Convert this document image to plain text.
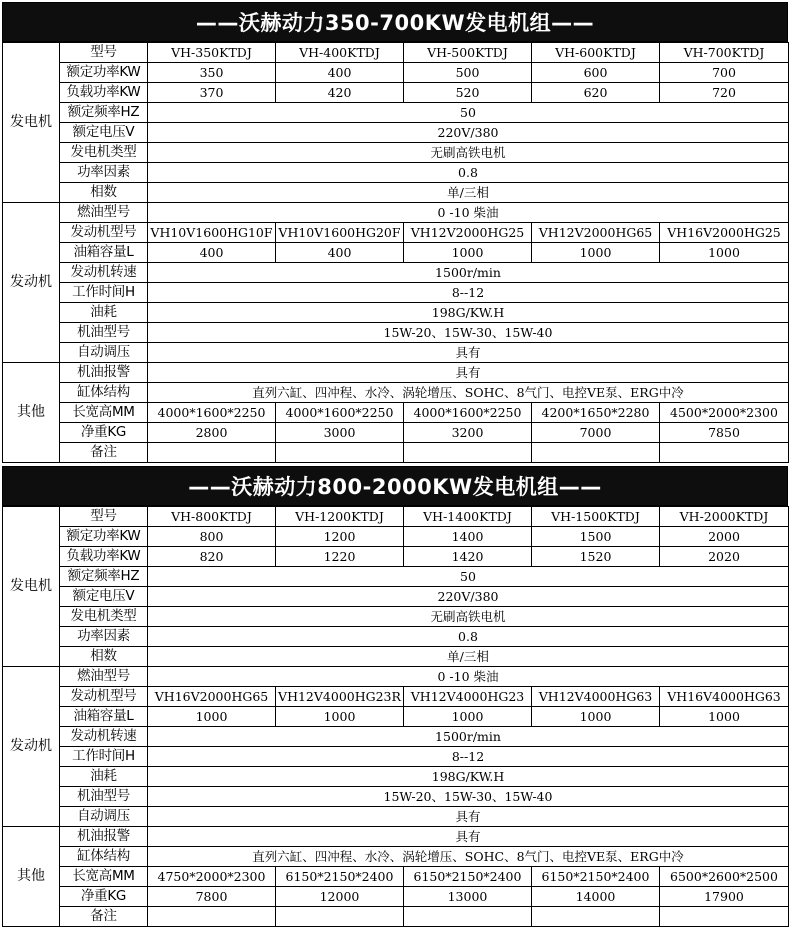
——沃赫动力350-700KW发电机组——
发电机	型号	VH-350KTDJ	VH-400KTDJ	VH-500KTDJ	VH-600KTDJ	VH-700KTDJ
	额定功率KW	350	400	500	600	700
	负载功率KW	370	420	520	620	720
	额定频率HZ	50				
	额定电压V	220V/380				
	发电机类型	无刷高铁电机				
	功率因素	0.8				
	相数	单/三相				
发动机	燃油型号	0 -10 柴油				
	发动机型号	VH10V1600HG10F	VH10V1600HG20F	VH12V2000HG25	VH12V2000HG65	VH16V2000HG25
	油箱容量L	400	400	1000	1000	1000
	发动机转速	1500r/min				
	工作时间H	8--12				
	油耗	198G/KW.H				
	机油型号	15W-20、15W-30、15W-40				
	自动调压	具有				
其他	机油报警	具有				
	缸体结构	直列六缸、四冲程、水冷、涡轮增压、SOHC、8气门、电控VE泵、ERG中冷				
	长宽高MM	4000*1600*2250	4000*1600*2250	4000*1600*2250	4200*1650*2280	4500*2000*2300
	净重KG	2800	3000	3200	7000	7850
	备注					
——沃赫动力800-2000KW发电机组——
发电机	型号	VH-800KTDJ	VH-1200KTDJ	VH-1400KTDJ	VH-1500KTDJ	VH-2000KTDJ
	额定功率KW	800	1200	1400	1500	2000
	负载功率KW	820	1220	1420	1520	2020
	额定频率HZ	50				
	额定电压V	220V/380				
	发电机类型	无刷高铁电机				
	功率因素	0.8				
	相数	单/三相				
发动机	燃油型号	0 -10 柴油				
	发动机型号	VH16V2000HG65	VH12V4000HG23R	VH12V4000HG23	VH12V4000HG63	VH16V4000HG63
	油箱容量L	1000	1000	1000	1000	1000
	发动机转速	1500r/min				
	工作时间H	8--12				
	油耗	198G/KW.H				
	机油型号	15W-20、15W-30、15W-40				
	自动调压	具有				
其他	机油报警	具有				
	缸体结构	直列六缸、四冲程、水冷、涡轮增压、SOHC、8气门、电控VE泵、ERG中冷				
	长宽高MM	4750*2000*2300	6150*2150*2400	6150*2150*2400	6150*2150*2400	6500*2600*2500
	净重KG	7800	12000	13000	14000	17900
	备注					
